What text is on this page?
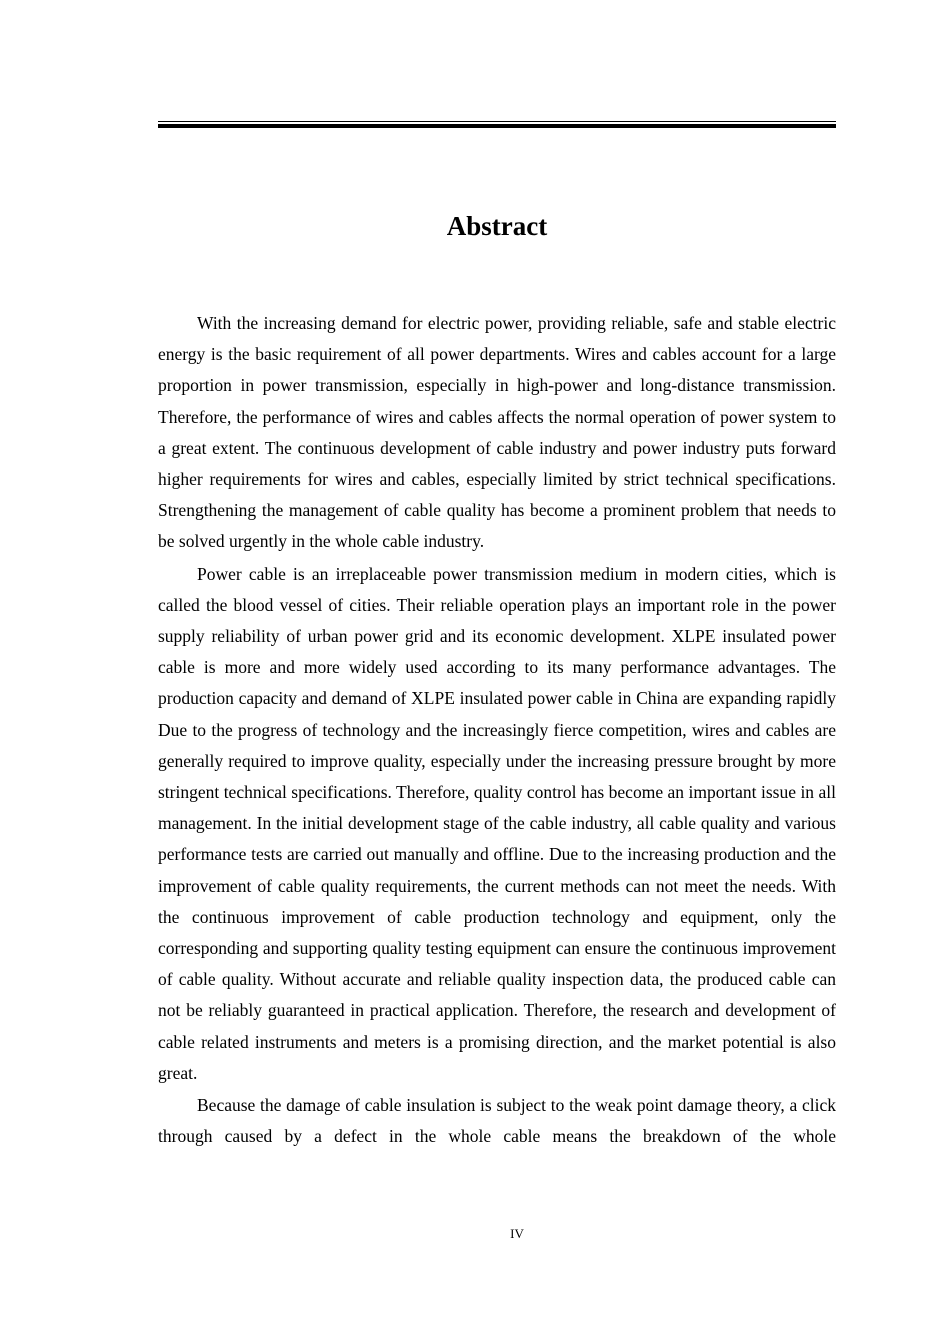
Abstract

With the increasing demand for electric power, providing reliable, safe and stable electric energy is the basic requirement of all power departments. Wires and cables account for a large proportion in power transmission, especially in high-power and long-distance transmission. Therefore, the performance of wires and cables affects the normal operation of power system to a great extent. The continuous development of cable industry and power industry puts forward higher requirements for wires and cables, especially limited by strict technical specifications. Strengthening the management of cable quality has become a prominent problem that needs to be solved urgently in the whole cable industry.

Power cable is an irreplaceable power transmission medium in modern cities, which is called the blood vessel of cities. Their reliable operation plays an important role in the power supply reliability of urban power grid and its economic development. XLPE insulated power cable is more and more widely used according to its many performance advantages. The production capacity and demand of XLPE insulated power cable in China are expanding rapidly Due to the progress of technology and the increasingly fierce competition, wires and cables are generally required to improve quality, especially under the increasing pressure brought by more stringent technical specifications. Therefore, quality control has become an important issue in all management. In the initial development stage of the cable industry, all cable quality and various performance tests are carried out manually and offline. Due to the increasing production and the improvement of cable quality requirements, the current methods can not meet the needs. With the continuous improvement of cable production technology and equipment, only the corresponding and supporting quality testing equipment can ensure the continuous improvement of cable quality. Without accurate and reliable quality inspection data, the produced cable can not be reliably guaranteed in practical application. Therefore, the research and development of cable related instruments and meters is a promising direction, and the market potential is also great.

Because the damage of cable insulation is subject to the weak point damage theory, a click through caused by a defect in the whole cable means the breakdown of the whole

IV
